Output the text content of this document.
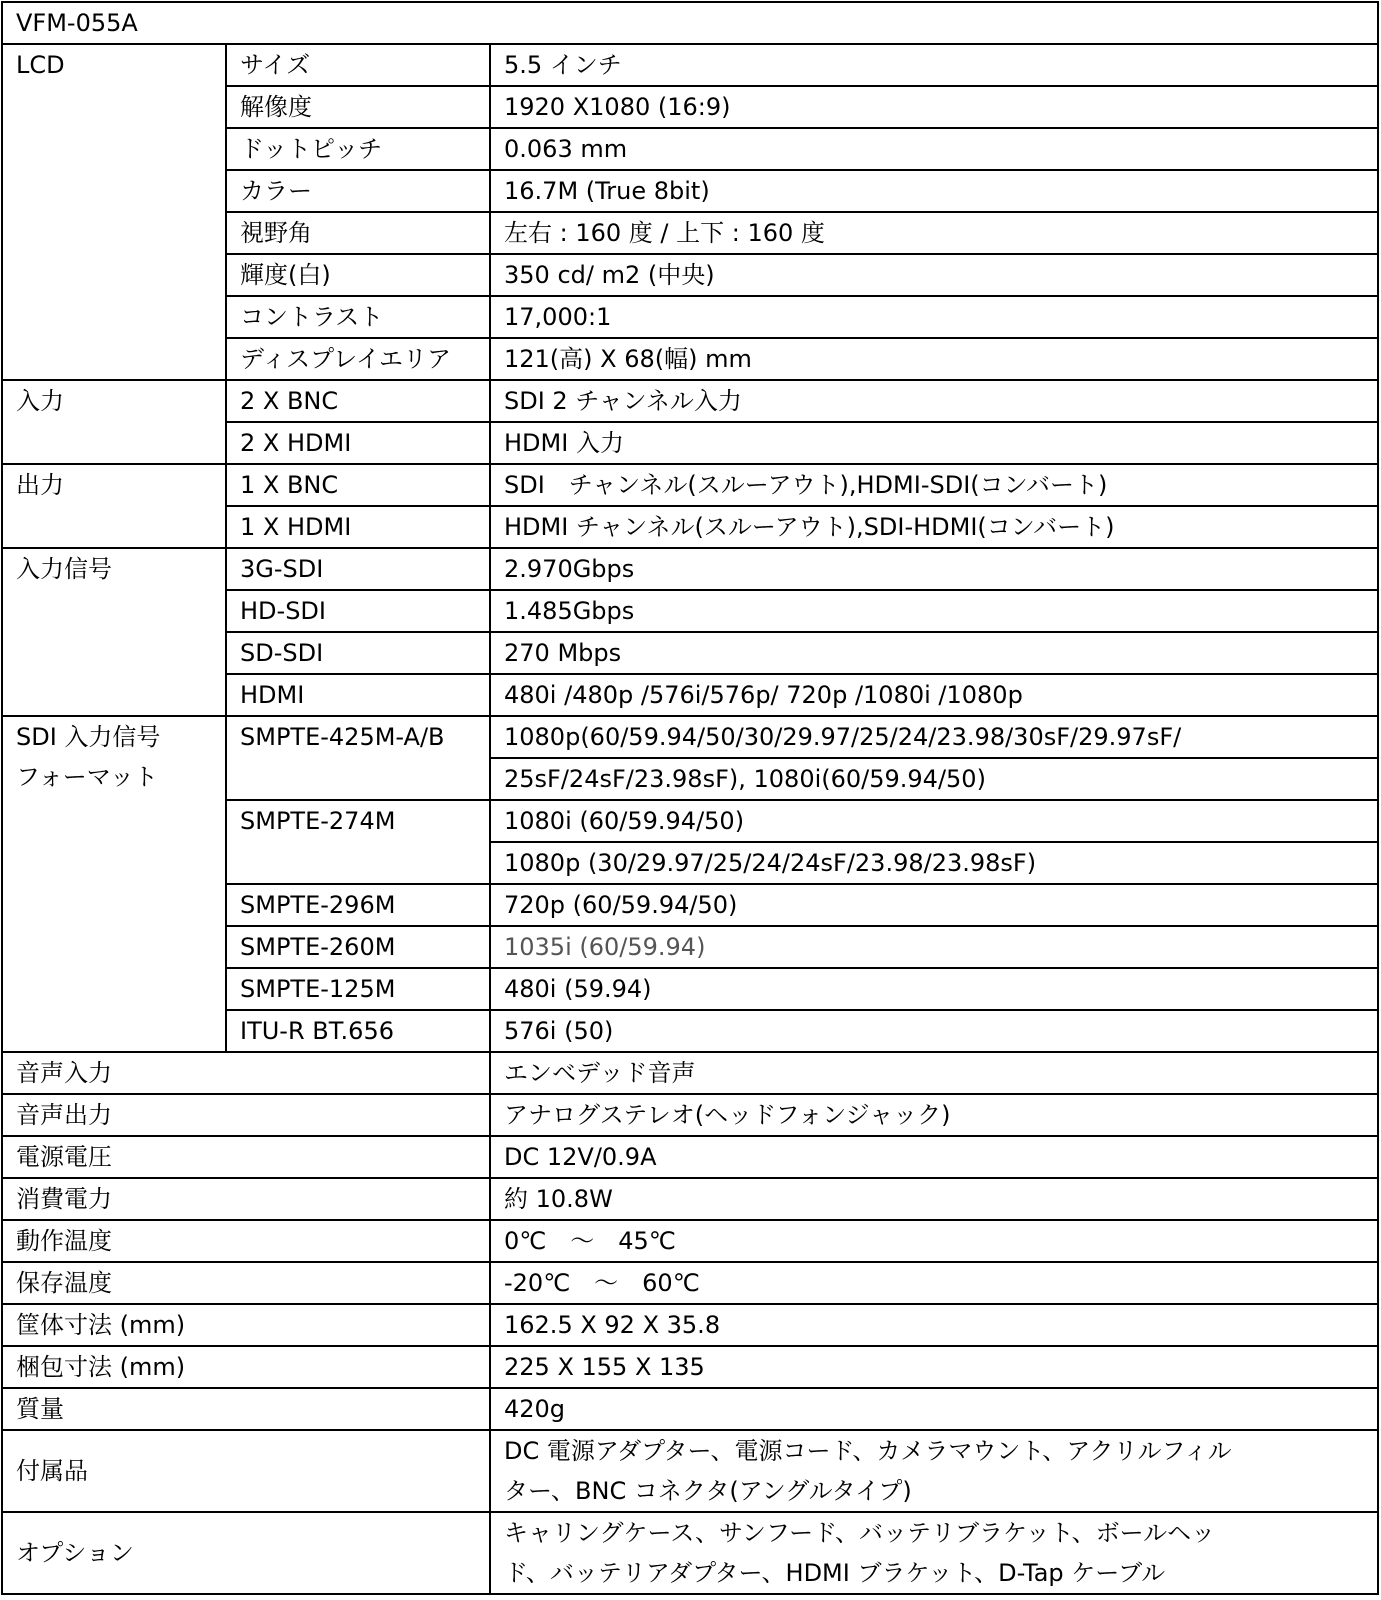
VFM-055A		
LCD	サイズ	5.5 インチ
	解像度	1920 X1080 (16:9)
	ドットピッチ	0.063 mm
	カラー	16.7M (True 8bit)
	視野角	左右 : 160 度 / 上下 : 160 度
	輝度(白)	350 cd/ m2 (中央)
	コントラスト	17,000:1
	ディスプレイエリア	121(高) X 68(幅) mm
入力	2 X BNC	SDI 2 チャンネル入力
	2 X HDMI	HDMI 入力
出力	1 X BNC	SDI　チャンネル(スルーアウト),HDMI-SDI(コンバート)
	1 X HDMI	HDMI チャンネル(スルーアウト),SDI-HDMI(コンバート)
入力信号	3G-SDI	2.970Gbps
	HD-SDI	1.485Gbps
	SD-SDI	270 Mbps
	HDMI	480i /480p /576i/576p/ 720p /1080i /1080p

SDI 入力信号
フォーマット	SMPTE-425M-A/B	1080p(60/59.94/50/30/29.97/25/24/23.98/30sF/29.97sF/
		25sF/24sF/23.98sF), 1080i(60/59.94/50)
	SMPTE-274M	1080i (60/59.94/50)
		1080p (30/29.97/25/24/24sF/23.98/23.98sF)
	SMPTE-296M	720p (60/59.94/50)
	SMPTE-260M	1035i (60/59.94)
	SMPTE-125M	480i (59.94)
	ITU-R BT.656	576i (50)
音声入力		エンベデッド音声
音声出力		アナログステレオ(ヘッドフォンジャック)
電源電圧		DC 12V/0.9A
消費電力		約 10.8W
動作温度		0℃　～　45℃
保存温度		-20℃　～　60℃
筐体寸法 (mm)		162.5 X 92 X 35.8
梱包寸法 (mm)		225 X 155 X 135
質量		420g
付属品		DC 電源アダプター、電源コード、カメラマウント、アクリルフィル
ター、BNC コネクタ(アングルタイプ)

オプション		キャリングケース、サンフード、バッテリブラケット、ボールヘッ
ド、バッテリアダプター、HDMI ブラケット、D-Tap ケーブル
